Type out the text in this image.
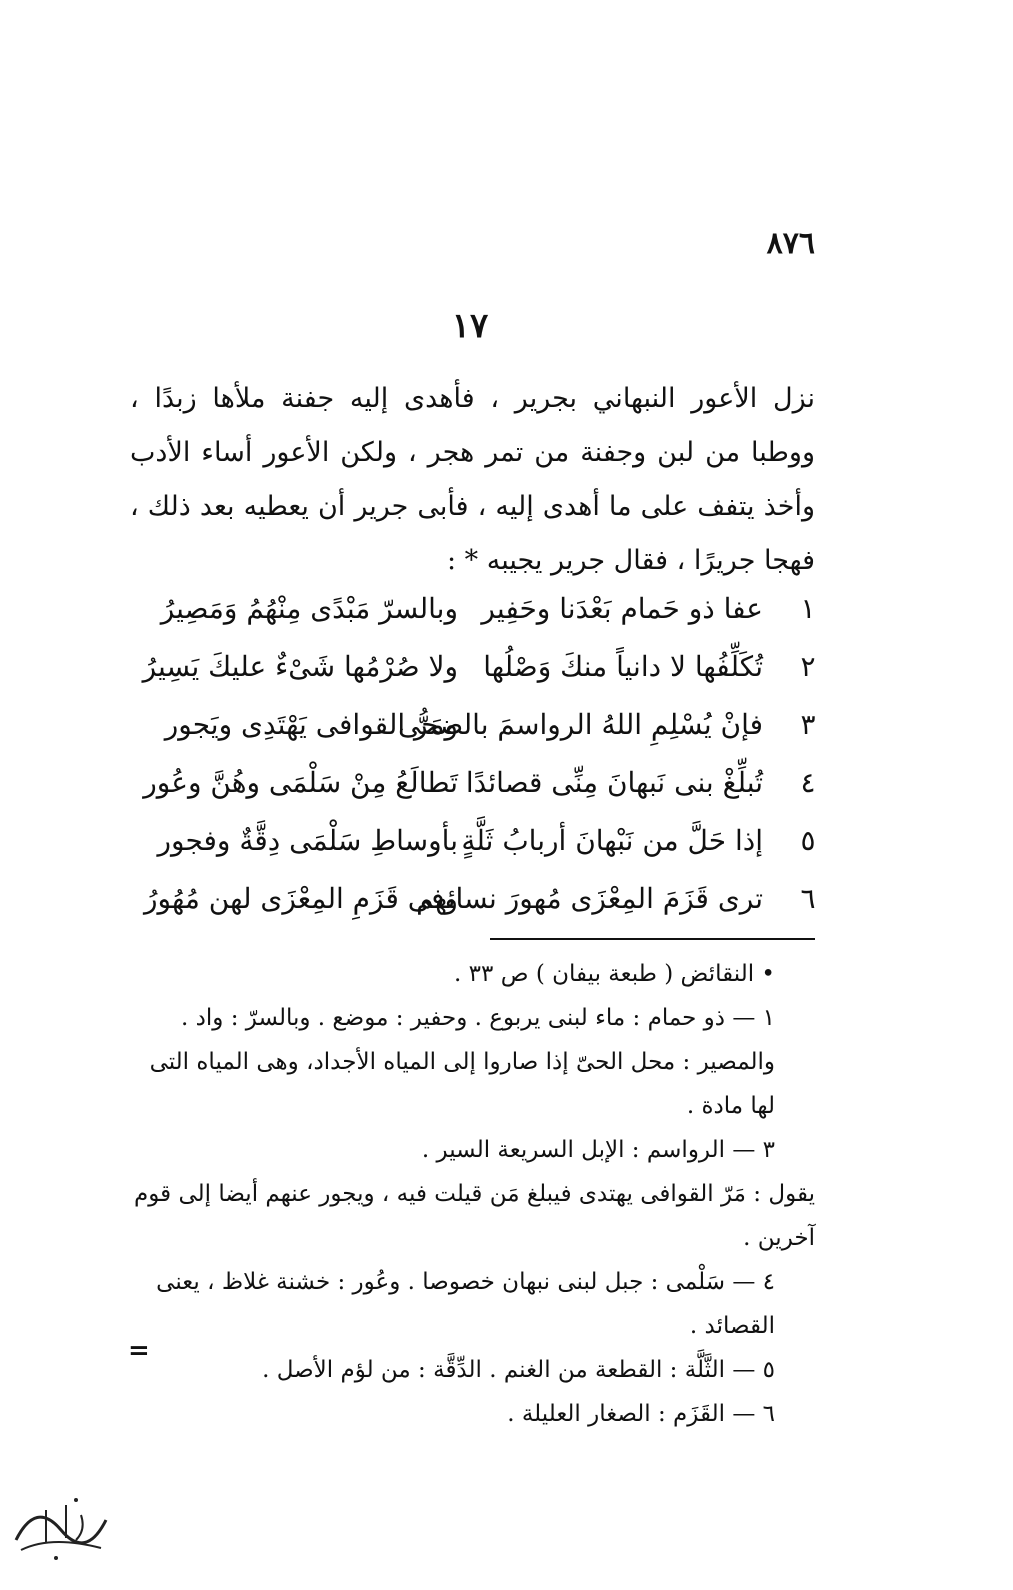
٨٧٦
١٧
نزل الأعور النبهاني بجرير ، فأهدى إليه جفنة ملأها زبدًا ، ووطبا من لبن وجفنة من تمر هجر ، ولكن الأعور أساء الأدب وأخذ يتفف على ما أهدى إليه ، فأبى جرير أن يعطيه بعد ذلك ، فهجا جريرًا ، فقال جرير يجيبه * :
١
عفا ذو حَمام بَعْدَنا وحَفِير
وبالسرّ مَبْدًى مِنْهُمُ وَمَصِيرُ
٢
تُكَلِّفُها لا دانياً منكَ وَصْلُها
ولا صُرْمُها شَىْءٌ عليكَ يَسِيرُ
٣
فإنْ يُسْلِمِ اللهُ الرواسمَ بالضحى
ومَرُّ القوافى يَهْتَدِى ويَجور
٤
تُبلِّغْ بنى نَبهانَ مِنِّى قصائدًا
تَطالَعُ مِنْ سَلْمَى وهُنَّ وعُور
٥
إذا حَلَّ من نَبْهانَ أربابُ ثَلَّةٍ
بأوساطِ سَلْمَى دِقَّةٌ وفجور
٦
ترى قَزَمَ المِعْزَى مُهورَ نسائهم
وفى قَزَمِ المِعْزَى لهن مُهُورُ

• النقائض ( طبعة بيفان ) ص ٣٣ .

١ — ذو حمام : ماء لبنى يربوع . وحفير : موضع . وبالسرّ : واد . والمصير : محل الحىّ إذا صاروا إلى المياه الأجداد، وهى المياه التى لها مادة .

٣ — الرواسم : الإبل السريعة السير .

يقول : مَرّ القوافى يهتدى فيبلغ مَن قيلت فيه ، ويجور عنهم أيضا إلى قوم آخرين .

٤ — سَلْمى : جبل لبنى نبهان خصوصا . وعُور : خشنة غلاظ ، يعنى القصائد .

٥ — الثَّلَّة : القطعة من الغنم . الدِّقَّة : من لؤم الأصل .

٦ — القَزَم : الصغار العليلة .

=
